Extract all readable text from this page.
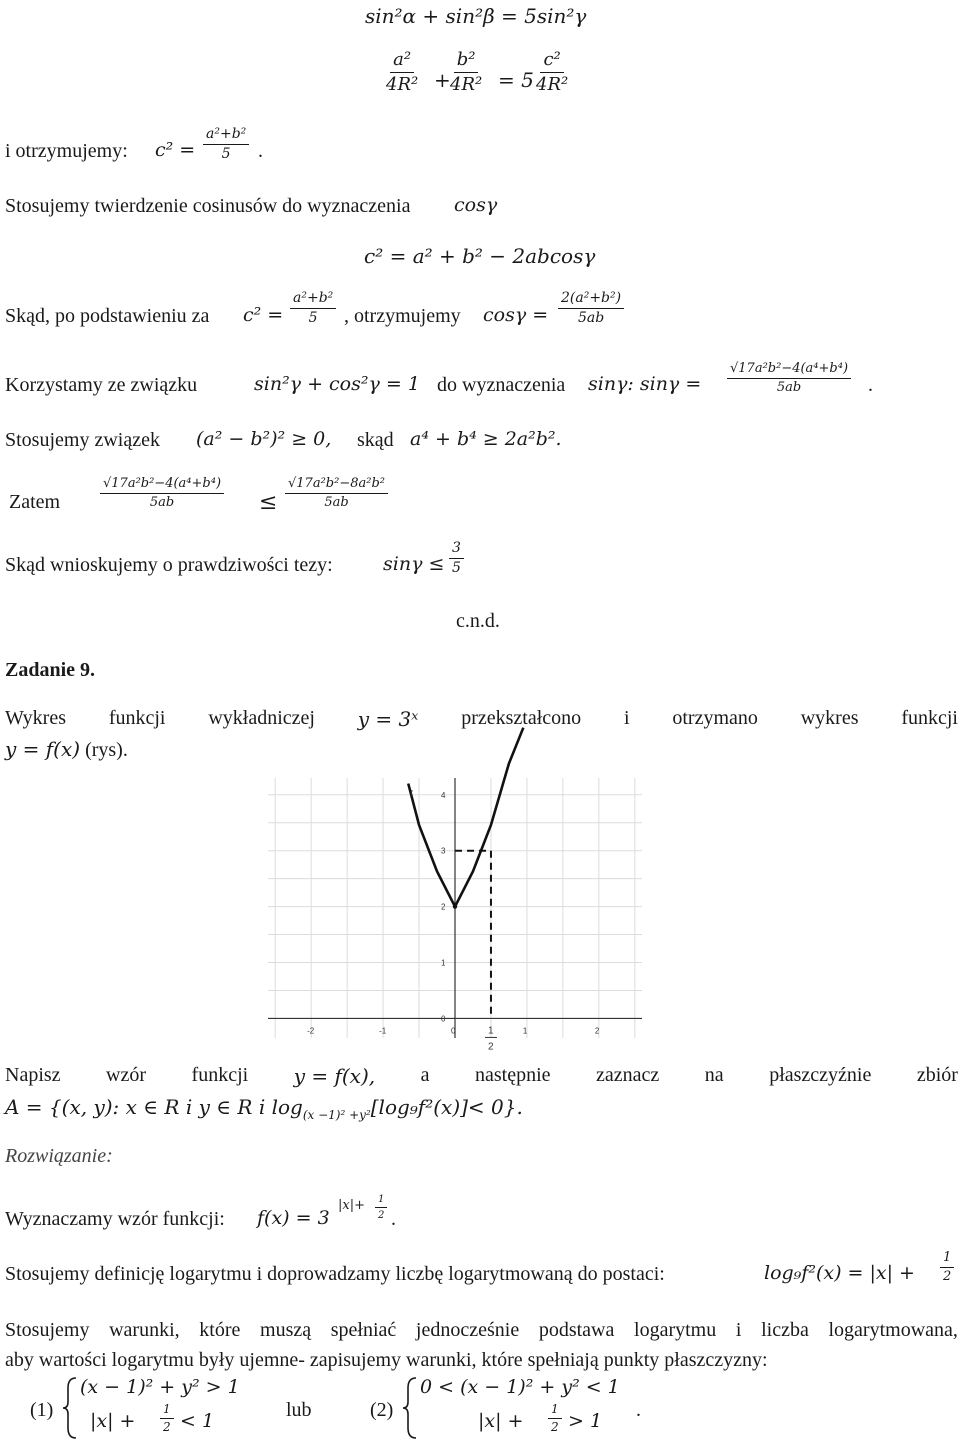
sin²α + sin²β = 5sin²γ
$\frac{\text{a²}}{\text{4R²}} + \frac{\text{b²}}{\text{4R²}} = 5 \frac{\text{c²}}{\text{4R²}}$
i otrzymujemy: $c^2 = \frac{\text{a²+b²}}{5}$ .
Stosujemy twierdzenie cosinusów do wyznaczenia cosγ
c² = a² + b² − 2abcosγ
Skąd, po podstawieniu za $c^2 = \frac{\text{a²+b²}}{5}$ , otrzymujemy $\cos\gamma = \frac{\text{2(a²+b²)}}{5ab}$
Korzystamy ze związku	sin²γ + cos²γ = 1 do wyznaczenia sinγ: $\sin\gamma = \frac{\text{√17a²b²−4(a⁴+b⁴)}}{5ab}$ .
Stosujemy związek (a² − b²)² ≥ 0, skąd a⁴ + b⁴ ≥ 2a²b².
Zatem	$\frac{\text{√17a²b²−4(a⁴+b⁴)}}{5ab} \le \frac{\text{√17a²b²−8a²b²}}{5ab}$
Skąd wnioskujemy o prawdziwości tezy:	$\sin\gamma \le \frac{3}{5}$
c.n.d.
Zadanie 9.
Wykres funkcji wykładniczej y = 3ˣ przekształcono i otrzymano wykres funkcji
y = f(x) (rys).
-2	-1	0	1	2
0
1
2
3
4
1
2
f
Napisz wzór funkcji y = f(x), a następnie zaznacz na płaszczyźnie zbiór
A = {(x, y): x ∈ R i y ∈ R i $\log_{(x -1)^2 +y^2}[\log_9f^2(x)]< 0$}.
Rozwiązanie:
Wyznaczamy wzór funkcji: f(x) = 3
$|x|+ \frac{1}{2}$ .
Stosujemy definicję logarytmu i doprowadzamy liczbę logarytmowaną do postaci:	$\log_9f^2(x) = |x| + \frac{1}{2}$
Stosujemy warunki, które muszą spełniać jednocześnie podstawa logarytmu i liczba logarytmowana,
aby wartości logarytmu były ujemne- zapisujemy warunki, które spełniają punkty płaszczyzny:
(1)
(x − 1)² + y² > 1
$|x| + \frac{1}{2} < 1$	lub	(2)
0 < (x − 1)² + y² < 1
$|x| + \frac{1}{2} > 1$ .
